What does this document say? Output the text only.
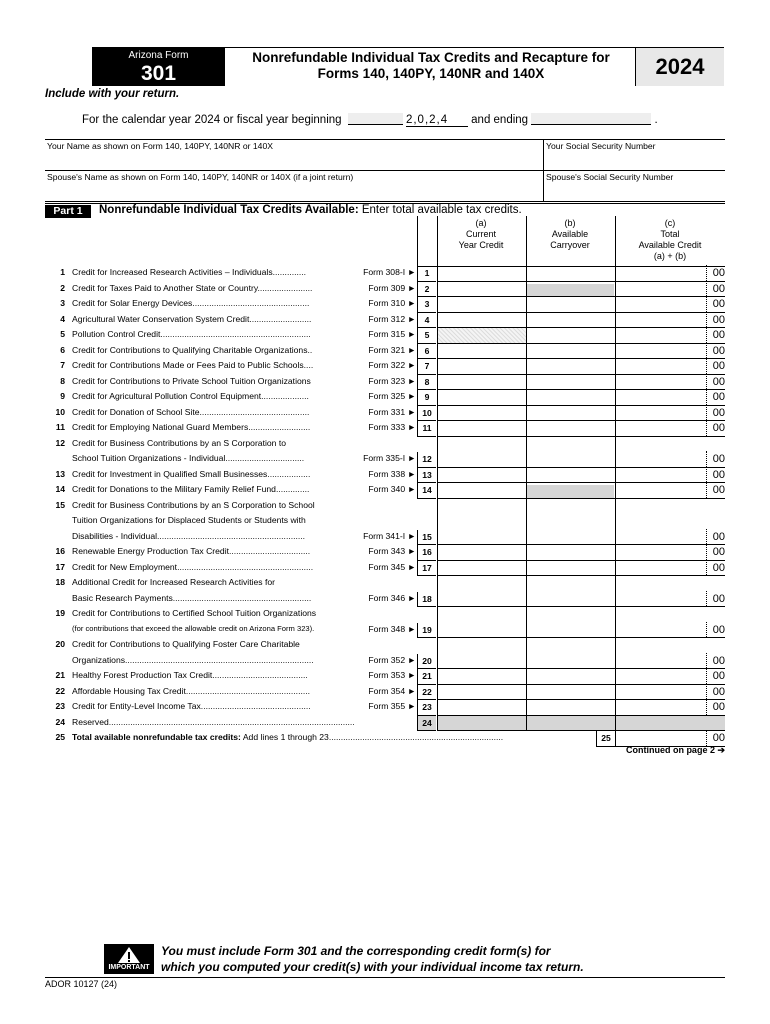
Arizona Form
301
Nonrefundable Individual Tax Credits and Recapture for
Forms 140, 140PY, 140NR and 140X	2024
Include with your return.
For the calendar year 2024 or fiscal year beginning	2,0,2,4 and ending	.
Your Name as shown on Form 140, 140PY, 140NR or 140X	Your Social Security Number
Spouse's Name as shown on Form 140, 140PY, 140NR or 140X (if a joint return)	Spouse's Social Security Number
Part 1	Nonrefundable Individual Tax Credits Available: Enter total available tax credits.
(a)
Current
Year Credit
(b)
Available
Carryover
(c)
Total
Available Credit
(a) + (b)
1 Credit for Increased Research Activities – Individuals..............	Form 308-I ►	1	00
2 Credit for Taxes Paid to Another State or Country.......................	Form 309 ►	2	00
3 Credit for Solar Energy Devices.................................................	Form 310 ►	3	00
4 Agricultural Water Conservation System Credit..........................	Form 312 ►	4	00
5 Pollution Control Credit...............................................................	Form 315 ►	5	00
6 Credit for Contributions to Qualifying Charitable Organizations..	Form 321 ►	6	00
7 Credit for Contributions Made or Fees Paid to Public Schools....	Form 322 ►	7	00
8 Credit for Contributions to Private School Tuition Organizations	Form 323 ►	8	00
9 Credit for Agricultural Pollution Control Equipment....................	Form 325 ►	9	00
10 Credit for Donation of School Site..............................................	Form 331 ► 10	00
11 Credit for Employing National Guard Members..........................	Form 333 ► 11	00
12 Credit for Business Contributions by an S Corporation to
School Tuition Organizations - Individual.................................	Form 335-I ► 12	00
13 Credit for Investment in Qualified Small Businesses..................	Form 338 ► 13	00
14 Credit for Donations to the Military Family Relief Fund..............	Form 340 ► 14	00
15 Credit for Business Contributions by an S Corporation to School
Tuition Organizations for Displaced Students or Students with
Disabilities - Individual..............................................................	Form 341-I ► 15	00
16 Renewable Energy Production Tax Credit..................................	Form 343 ► 16	00
17 Credit for New Employment.........................................................	Form 345 ► 17	00
18 Additional Credit for Increased Research Activities for
Basic Research Payments..........................................................	Form 346 ► 18	00
19 Credit for Contributions to Certified School Tuition Organizations
(for contributions that exceed the allowable credit on Arizona Form 323).	Form 348 ► 19	00
20 Credit for Contributions to Qualifying Foster Care Charitable
Organizations...............................................................................	Form 352 ► 20	00
21 Healthy Forest Production Tax Credit........................................	Form 353 ► 21	00
22 Affordable Housing Tax Credit....................................................	Form 354 ► 22	00
23 Credit for Entity-Level Income Tax..............................................	Form 355 ► 23	00
24 Reserved.......................................................................................................	24
25 Total available nonrefundable tax credits: Add lines 1 through 23.........................................................................	25	00
Continued on page 2 ➔
IMPORTANT
You must include Form 301 and the corresponding credit form(s) for
which you computed your credit(s) with your individual income tax return.
ADOR 10127 (24)
